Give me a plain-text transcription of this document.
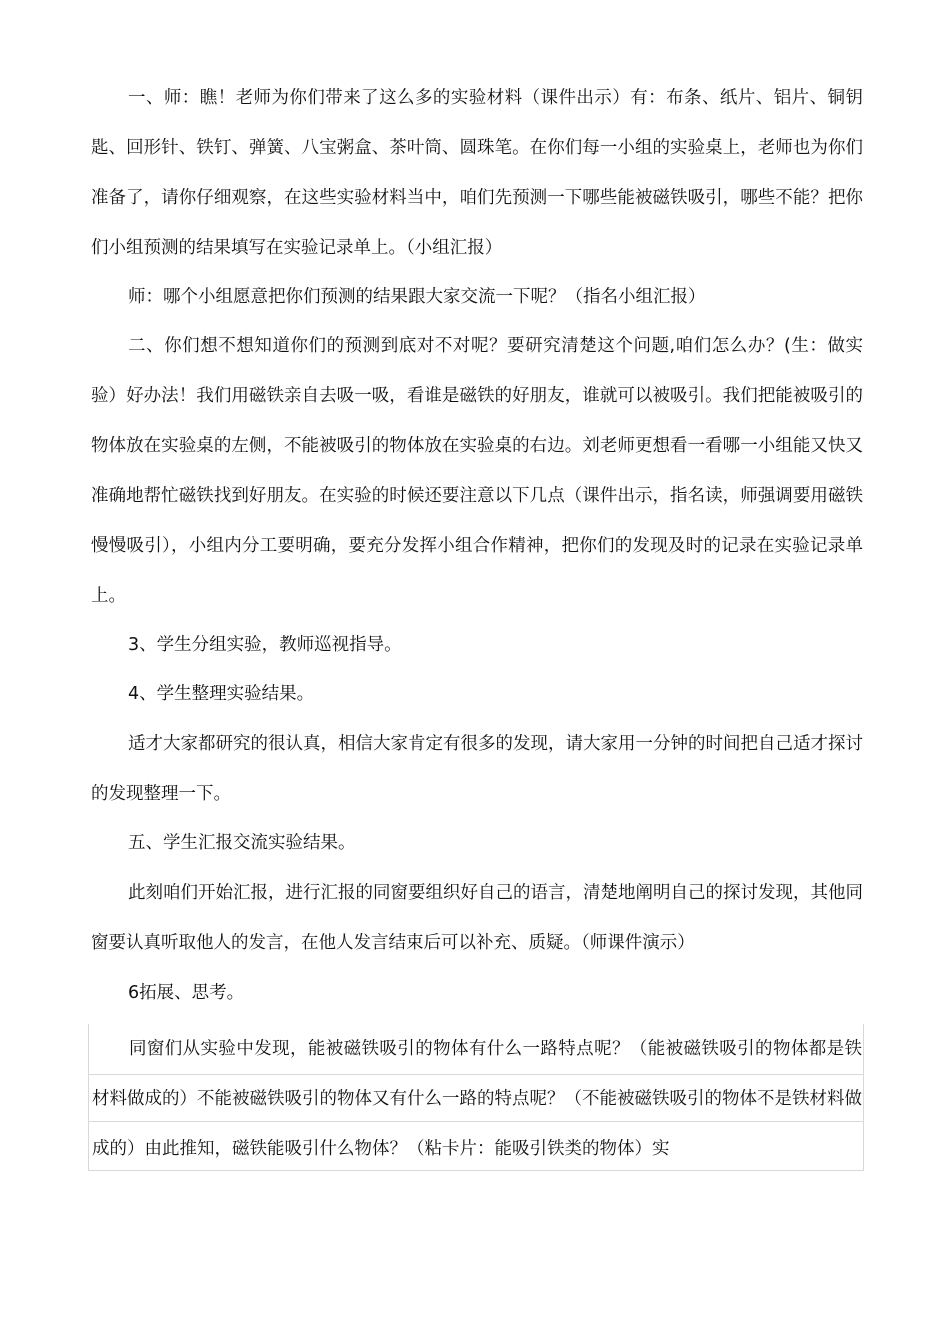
一、师：瞧！老师为你们带来了这么多的实验材料（课件出示）有：布条、纸片、铝片、铜钥匙、回形针、铁钉、弹簧、八宝粥盒、茶叶筒、圆珠笔。在你们每一小组的实验桌上，老师也为你们准备了，请你仔细观察，在这些实验材料当中，咱们先预测一下哪些能被磁铁吸引，哪些不能？把你们小组预测的结果填写在实验记录单上。（小组汇报）

师：哪个小组愿意把你们预测的结果跟大家交流一下呢？（指名小组汇报）

二、你们想不想知道你们的预测到底对不对呢？要研究清楚这个问题,咱们怎么办？(生：做实验）好办法！我们用磁铁亲自去吸一吸，看谁是磁铁的好朋友，谁就可以被吸引。我们把能被吸引的物体放在实验桌的左侧，不能被吸引的物体放在实验桌的右边。刘老师更想看一看哪一小组能又快又准确地帮忙磁铁找到好朋友。在实验的时候还要注意以下几点（课件出示，指名读，师强调要用磁铁慢慢吸引），小组内分工要明确，要充分发挥小组合作精神，把你们的发现及时的记录在实验记录单上。

3、学生分组实验，教师巡视指导。

4、学生整理实验结果。

适才大家都研究的很认真，相信大家肯定有很多的发现，请大家用一分钟的时间把自己适才探讨的发现整理一下。

五、学生汇报交流实验结果。

此刻咱们开始汇报，进行汇报的同窗要组织好自己的语言，清楚地阐明自己的探讨发现，其他同窗要认真听取他人的发言，在他人发言结束后可以补充、质疑。（师课件演示）

6拓展、思考。

同窗们从实验中发现，能被磁铁吸引的物体有什么一路特点呢？（能被磁铁吸引的物体都是铁材料做成的）不能被磁铁吸引的物体又有什么一路的特点呢？（不能被磁铁吸引的物体不是铁材料做成的）由此推知，磁铁能吸引什么物体？（粘卡片：能吸引铁类的物体）实
